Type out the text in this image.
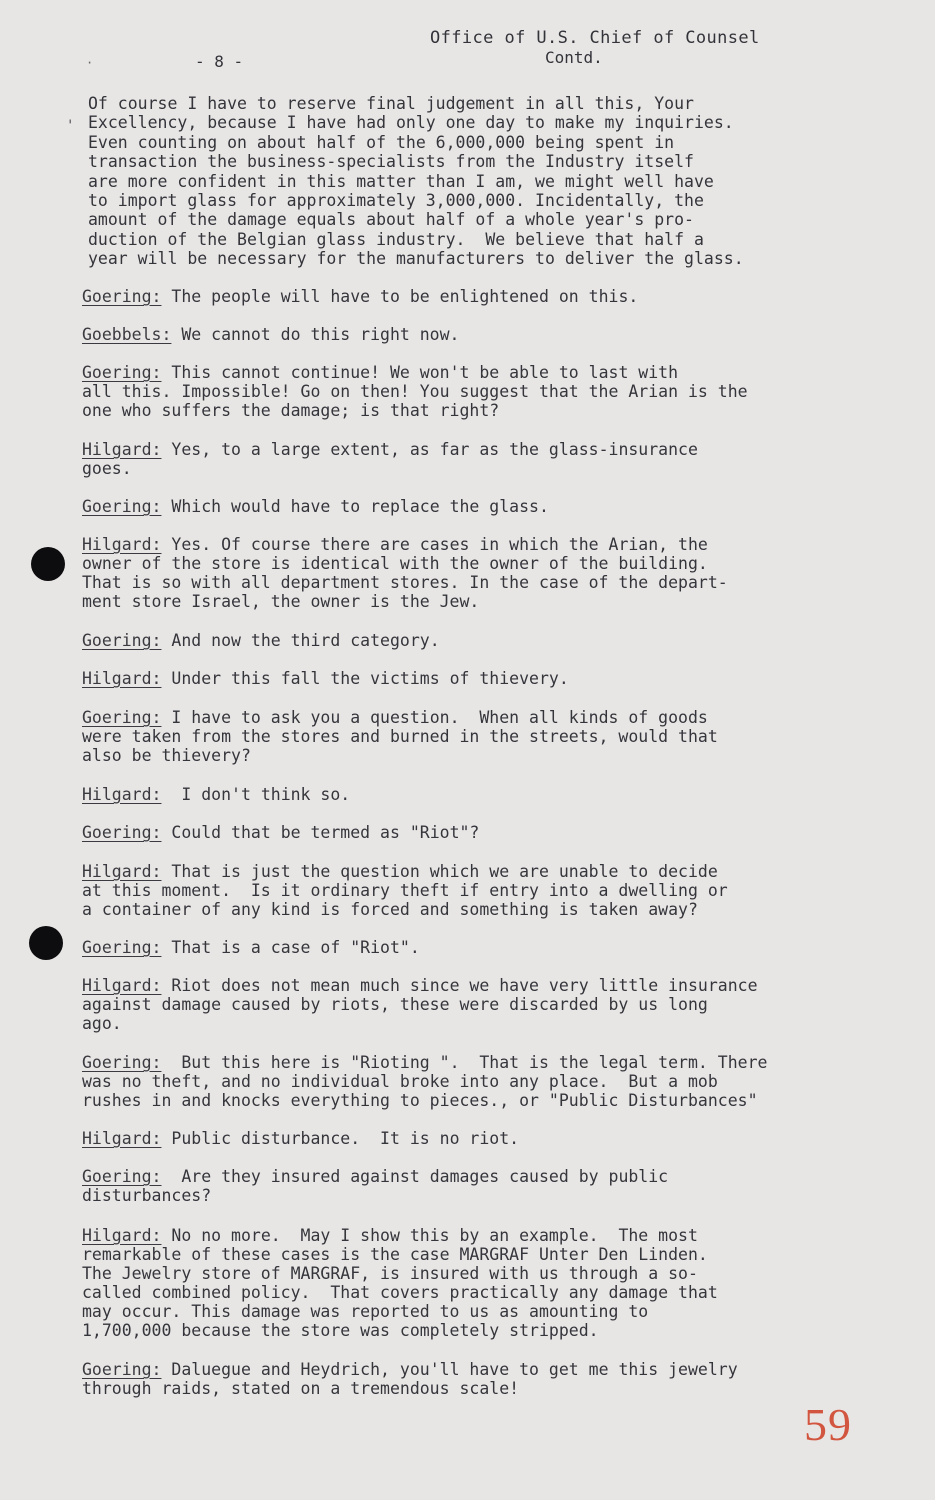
·
'
- 8 -
Office of U.S. Chief of Counsel
Contd.
Of course I have to reserve final judgement in all this, Your
Excellency, because I have had only one day to make my inquiries.
Even counting on about half of the 6,000,000 being spent in
transaction the business-specialists from the Industry itself
are more confident in this matter than I am, we might well have
to import glass for approximately 3,000,000. Incidentally, the
amount of the damage equals about half of a whole year's pro-
duction of the Belgian glass industry.  We believe that half a
year will be necessary for the manufacturers to deliver the glass.
Goering: The people will have to be enlightened on this.
Goebbels: We cannot do this right now.
Goering: This cannot continue! We won't be able to last with
all this. Impossible! Go on then! You suggest that the Arian is the
one who suffers the damage; is that right?
Hilgard: Yes, to a large extent, as far as the glass-insurance
goes.
Goering: Which would have to replace the glass.
Hilgard: Yes. Of course there are cases in which the Arian, the
owner of the store is identical with the owner of the building.
That is so with all department stores. In the case of the depart-
ment store Israel, the owner is the Jew.
Goering: And now the third category.
Hilgard: Under this fall the victims of thievery.
Goering: I have to ask you a question.  When all kinds of goods
were taken from the stores and burned in the streets, would that
also be thievery?
Hilgard:  I don't think so.
Goering: Could that be termed as "Riot"?
Hilgard: That is just the question which we are unable to decide
at this moment.  Is it ordinary theft if entry into a dwelling or
a container of any kind is forced and something is taken away?
Goering: That is a case of "Riot".
Hilgard: Riot does not mean much since we have very little insurance
against damage caused by riots, these were discarded by us long
ago.
Goering:  But this here is "Rioting ".  That is the legal term. There
was no theft, and no individual broke into any place.  But a mob
rushes in and knocks everything to pieces., or "Public Disturbances"
Hilgard: Public disturbance.  It is no riot.
Goering:  Are they insured against damages caused by public
disturbances?
Hilgard: No no more.  May I show this by an example.  The most
remarkable of these cases is the case MARGRAF Unter Den Linden.
The Jewelry store of MARGRAF, is insured with us through a so-
called combined policy.  That covers practically any damage that
may occur. This damage was reported to us as amounting to
1,700,000 because the store was completely stripped.
Goering: Daluegue and Heydrich, you'll have to get me this jewelry
through raids, stated on a tremendous scale!
59
